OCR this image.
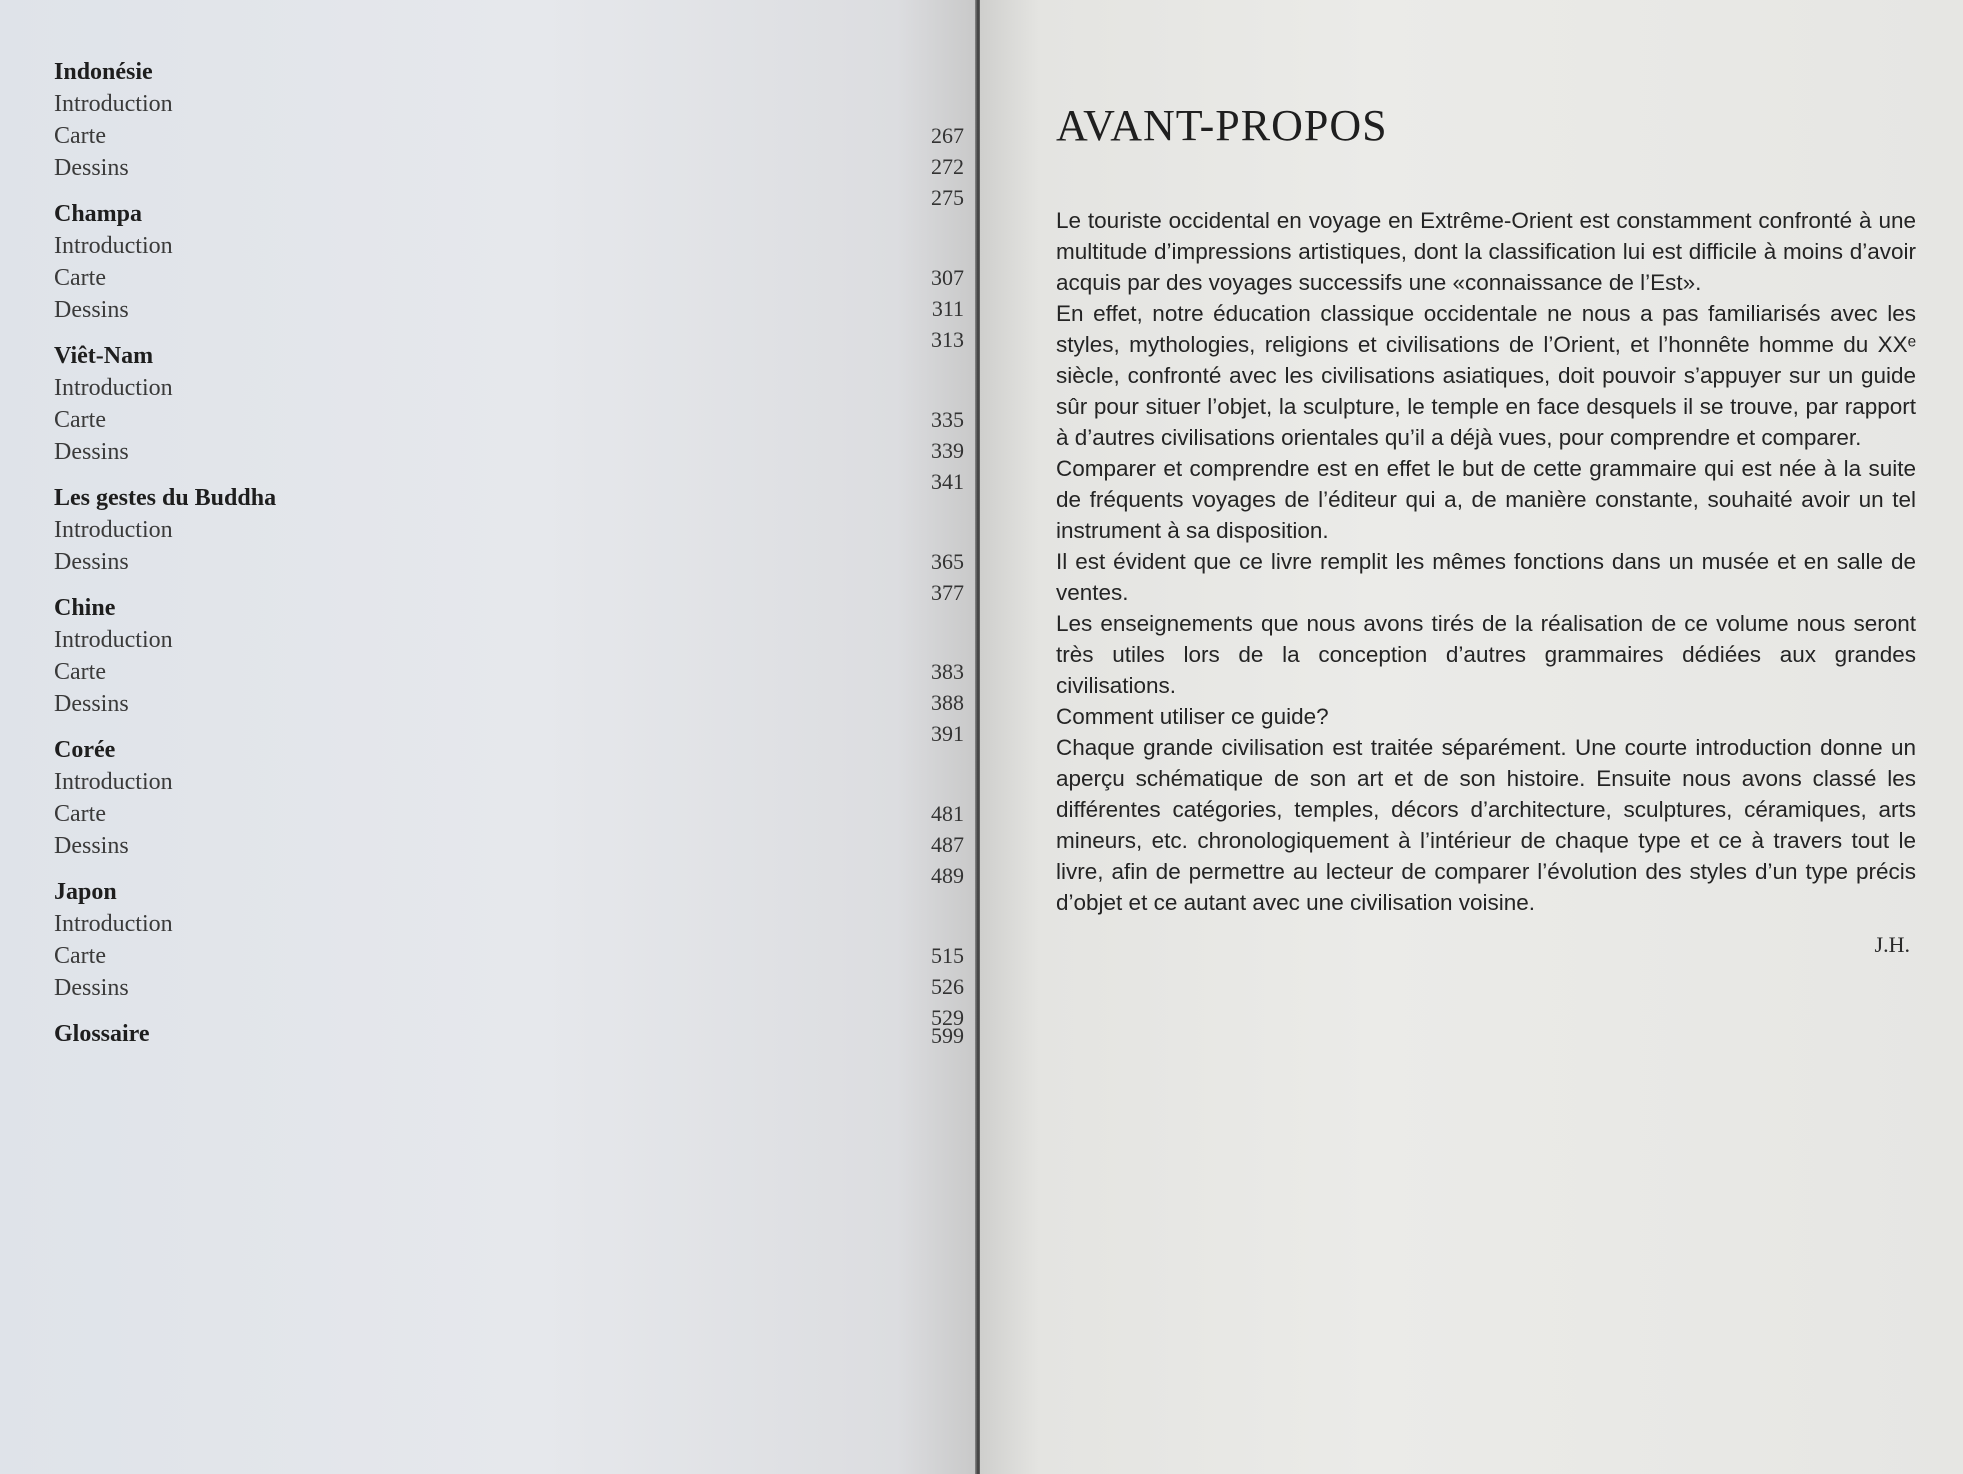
Indonésie
Introduction
Carte
Dessins
267
272
275
Champa
Introduction
Carte
Dessins
307
311
313
Viêt-Nam
Introduction
Carte
Dessins
335
339
341
Les gestes du Buddha
Introduction
Dessins	365
377
Chine
Introduction
Carte
Dessins
383
388
391
Corée
Introduction
Carte
Dessins
481
487
489
Japon
Introduction
Carte
Dessins
515
526
529
Glossaire	599
AVANT-PROPOS

Le touriste occidental en voyage en Extrême-Orient est constamment confronté à une multitude d’impressions artistiques, dont la classification lui est difficile à moins d’avoir acquis par des voyages successifs une «connaissance de l’Est».

En effet, notre éducation classique occidentale ne nous a pas familiarisés avec les styles, mythologies, religions et civilisations de l’Orient, et l’honnête homme du XXᵉ siècle, confronté avec les civilisations asiatiques, doit pouvoir s’appuyer sur un guide sûr pour situer l’objet, la sculpture, le temple en face desquels il se trouve, par rapport à d’autres civilisations orientales qu’il a déjà vues, pour comprendre et comparer.

Comparer et comprendre est en effet le but de cette grammaire qui est née à la suite de fréquents voyages de l’éditeur qui a, de manière constante, souhaité avoir un tel instrument à sa disposition.

Il est évident que ce livre remplit les mêmes fonctions dans un musée et en salle de ventes.

Les enseignements que nous avons tirés de la réalisation de ce volume nous seront très utiles lors de la conception d’autres grammaires dédiées aux grandes civilisations.

Comment utiliser ce guide?

Chaque grande civilisation est traitée séparément. Une courte introduction donne un aperçu schématique de son art et de son histoire. Ensuite nous avons classé les différentes catégories, temples, décors d’architecture, sculptures, céramiques, arts mineurs, etc. chronologiquement à l’intérieur de chaque type et ce à travers tout le livre, afin de permettre au lecteur de comparer l’évolution des styles d’un type précis d’objet et ce autant avec une civilisation voisine.

J.H.
